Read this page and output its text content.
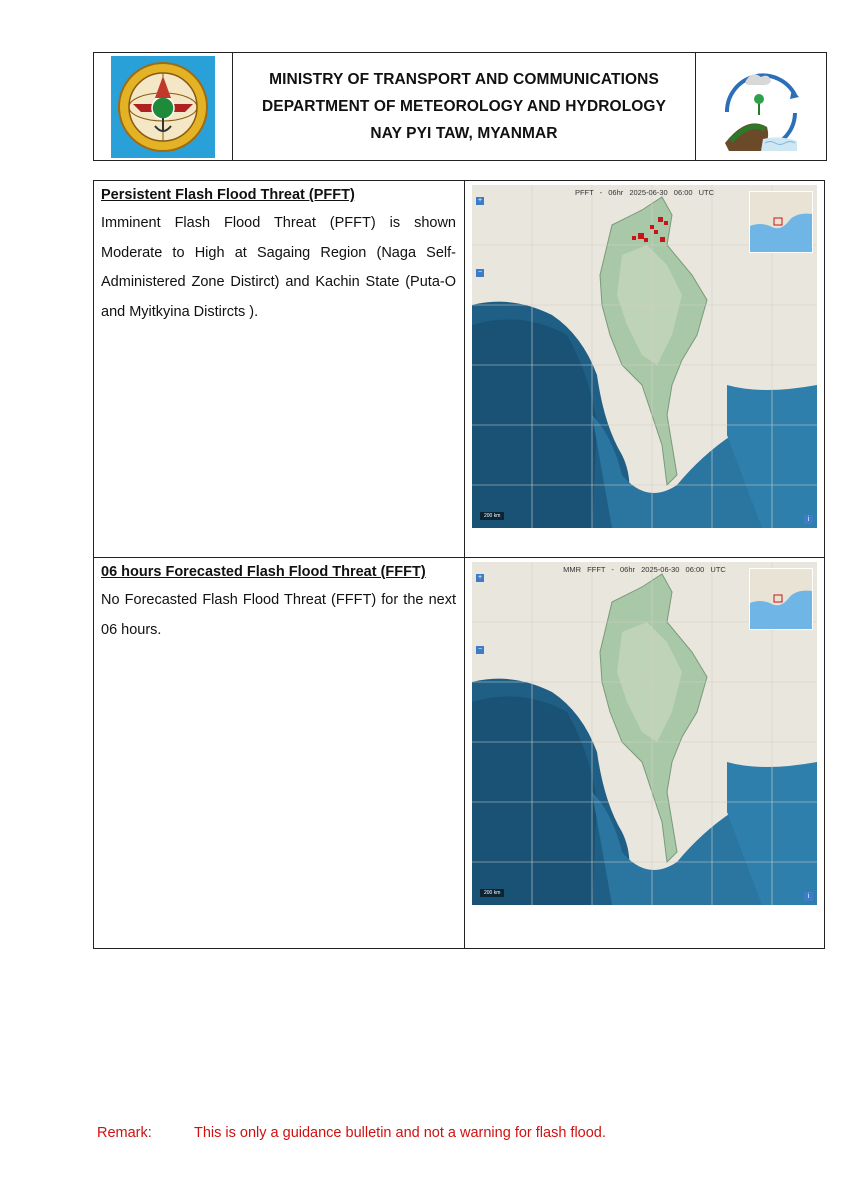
MINISTRY OF TRANSPORT AND COMMUNICATIONS
DEPARTMENT OF METEOROLOGY AND HYDROLOGY
NAY PYI TAW, MYANMAR
Persistent Flash Flood Threat (PFFT)

Imminent Flash Flood Threat (PFFT) is shown Moderate to High at Sagaing Region (Naga Self-Administered Zone Distirct) and Kachin State (Puta-O and Myitkyina Distircts ).

PFFT - 06hr 2025-06-30 06:00 UTC
+
−
200 km	i
06 hours Forecasted Flash Flood Threat (FFFT)

No Forecasted Flash Flood Threat (FFFT) for the next 06 hours.

MMR FFFT - 06hr 2025-06-30 06:00 UTC
+
−
200 km	i
Remark:	This is only a guidance bulletin and not a warning for flash flood.
